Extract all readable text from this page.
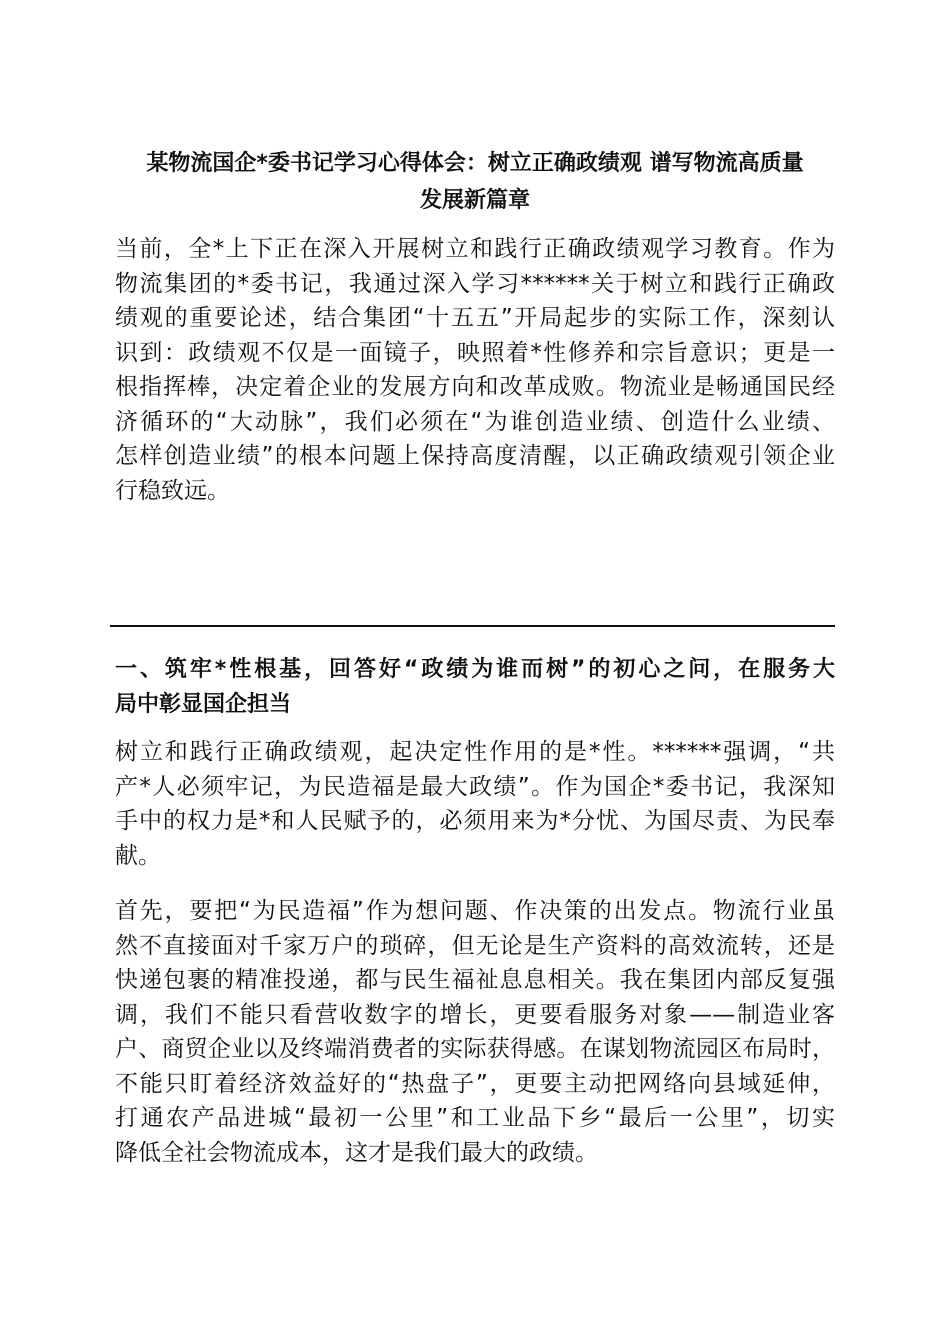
某物流国企*委书记学习心得体会：树立正确政绩观 谱写物流高质量
发展新篇章
当前，全*上下正在深入开展树立和践行正确政绩观学习教育。作为
物流集团的*委书记，我通过深入学习******关于树立和践行正确政
绩观的重要论述，结合集团“十五五”开局起步的实际工作，深刻认
识到：政绩观不仅是一面镜子，映照着*性修养和宗旨意识；更是一
根指挥棒，决定着企业的发展方向和改革成败。物流业是畅通国民经
济循环的“大动脉”，我们必须在“为谁创造业绩、创造什么业绩、
怎样创造业绩”的根本问题上保持高度清醒，以正确政绩观引领企业
行稳致远。
一、筑牢*性根基，回答好“政绩为谁而树”的初心之问，在服务大
局中彰显国企担当
树立和践行正确政绩观，起决定性作用的是*性。******强调，“共
产*人必须牢记，为民造福是最大政绩”。作为国企*委书记，我深知
手中的权力是*和人民赋予的，必须用来为*分忧、为国尽责、为民奉
献。
首先，要把“为民造福”作为想问题、作决策的出发点。物流行业虽
然不直接面对千家万户的琐碎，但无论是生产资料的高效流转，还是
快递包裹的精准投递，都与民生福祉息息相关。我在集团内部反复强
调，我们不能只看营收数字的增长，更要看服务对象——制造业客
户、商贸企业以及终端消费者的实际获得感。在谋划物流园区布局时，
不能只盯着经济效益好的“热盘子”，更要主动把网络向县域延伸，
打通农产品进城“最初一公里”和工业品下乡“最后一公里”，切实
降低全社会物流成本，这才是我们最大的政绩。
